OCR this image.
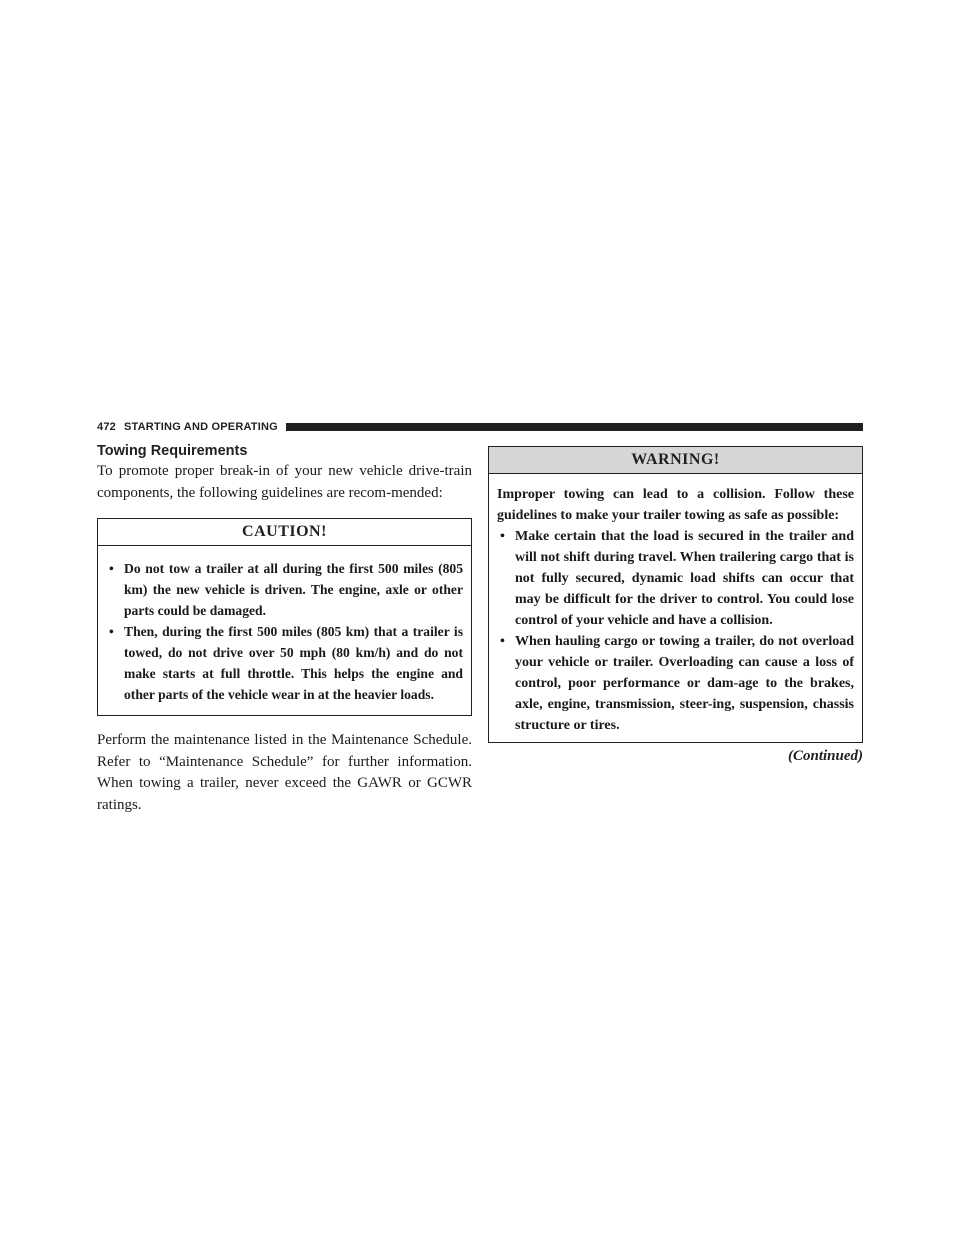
472 STARTING AND OPERATING
Towing Requirements

To promote proper break-in of your new vehicle drive-train components, the following guidelines are recom-mended:

CAUTION!
• Do not tow a trailer at all during the first 500 miles (805 km) the new vehicle is driven. The engine, axle or other parts could be damaged.
• Then, during the first 500 miles (805 km) that a trailer is towed, do not drive over 50 mph (80 km/h) and do not make starts at full throttle. This helps the engine and other parts of the vehicle wear in at the heavier loads.

Perform the maintenance listed in the Maintenance Schedule. Refer to “Maintenance Schedule” for further information. When towing a trailer, never exceed the GAWR or GCWR ratings.

WARNING!

Improper towing can lead to a collision. Follow these guidelines to make your trailer towing as safe as possible:

• Make certain that the load is secured in the trailer and will not shift during travel. When trailering cargo that is not fully secured, dynamic load shifts can occur that may be difficult for the driver to control. You could lose control of your vehicle and have a collision.
• When hauling cargo or towing a trailer, do not overload your vehicle or trailer. Overloading can cause a loss of control, poor performance or dam-age to the brakes, axle, engine, transmission, steer-ing, suspension, chassis structure or tires.
(Continued)
